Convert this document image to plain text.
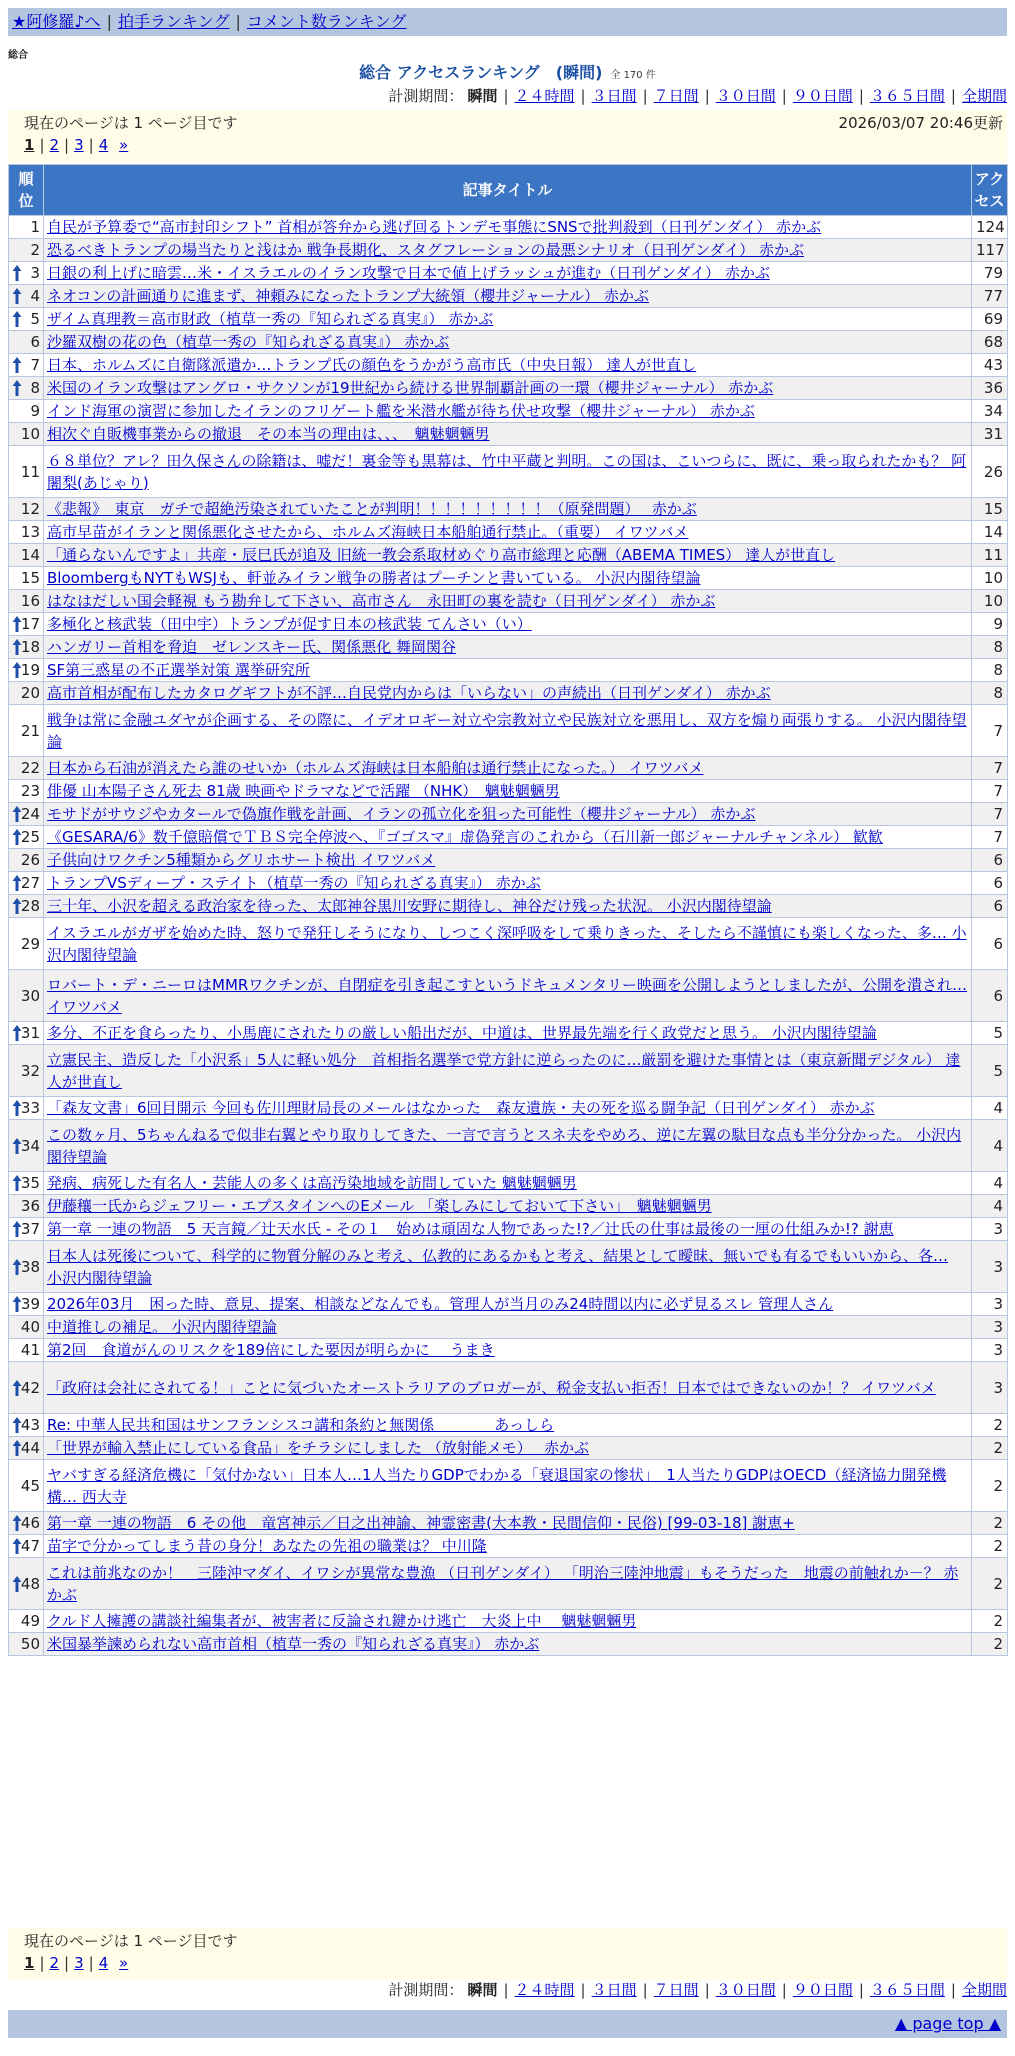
★阿修羅♪へ | 拍手ランキング | コメント数ランキング
総合
総合 アクセスランキング　(瞬間) 全 170 件
計測期間： 瞬間 | ２４時間 | ３日間 | ７日間 | ３０日間 | ９０日間 | ３６５日間 | 全期間
現在のページは 1 ページ目です	2026/03/07 20:46更新
1 | 2 | 3 | 4 »
順位	記事タイトル	アクセス
1	自民が予算委で“高市封印シフト” 首相が答弁から逃げ回るトンデモ事態にSNSで批判殺到（日刊ゲンダイ） 赤かぶ	124
2	恐るべきトランプの場当たりと浅はか 戦争長期化、スタグフレーションの最悪シナリオ（日刊ゲンダイ） 赤かぶ	117

3	日銀の利上げに暗雲…米・イスラエルのイラン攻撃で日本で値上げラッシュが進む（日刊ゲンダイ） 赤かぶ	79

4	ネオコンの計画通りに進まず、神頼みになったトランプ大統領（櫻井ジャーナル） 赤かぶ	77

5	ザイム真理教＝高市財政（植草一秀の『知られざる真実』） 赤かぶ	69
6	沙羅双樹の花の色（植草一秀の『知られざる真実』） 赤かぶ	68

7	日本、ホルムズに自衛隊派遣か…トランプ氏の顔色をうかがう高市氏（中央日報） 達人が世直し	43

8	米国のイラン攻撃はアングロ・サクソンが19世紀から続ける世界制覇計画の一環（櫻井ジャーナル） 赤かぶ	36
9	インド海軍の演習に参加したイランのフリゲート艦を米潜水艦が待ち伏せ攻撃（櫻井ジャーナル） 赤かぶ	34
10	相次ぐ自販機事業からの撤退　その本当の理由は、、、　魑魅魍魎男	31
11	６８単位？アレ？田久保さんの除籍は、嘘だ！裏金等も黒幕は、竹中平蔵と判明。この国は、こいつらに、既に、乗っ取られたかも？ 阿闍梨(あじゃり)	26
12	《悲報》　東京　ガチで超絶汚染されていたことが判明！！！！！！！！！（原発問題）　 赤かぶ	15
13	高市早苗がイランと関係悪化させたから、ホルムズ海峡日本船舶通行禁止。（重要） イワツバメ	14
14	「通らないんですよ」共産・辰巳氏が追及 旧統一教会系取材めぐり高市総理と応酬（ABEMA TIMES） 達人が世直し	11
15	BloombergもNYTもWSJも、軒並みイラン戦争の勝者はプーチンと書いている。 小沢内閣待望論	10
16	はなはだしい国会軽視 もう勘弁して下さい、高市さん　永田町の裏を読む（日刊ゲンダイ） 赤かぶ	10

17	多極化と核武装（田中宇）トランプが促す日本の核武装 てんさい（い）	9

18	ハンガリー首相を脅迫　ゼレンスキー氏、関係悪化 舞岡関谷	8

19	SF第三惑星の不正選挙対策 選挙研究所	8
20	高市首相が配布したカタログギフトが不評…自民党内からは「いらない」の声続出（日刊ゲンダイ） 赤かぶ	8
21	戦争は常に金融ユダヤが企画する、その際に、イデオロギー対立や宗教対立や民族対立を悪用し、双方を煽り両張りする。 小沢内閣待望論	7
22	日本から石油が消えたら誰のせいか（ホルムズ海峡は日本船舶は通行禁止になった。） イワツバメ	7
23	俳優 山本陽子さん死去 81歳 映画やドラマなどで活躍 （NHK）　魑魅魍魎男	7

24	モサドがサウジやカタールで偽旗作戦を計画、イランの孤立化を狙った可能性（櫻井ジャーナル） 赤かぶ	7

25	《GESARA/6》数千億賠償でＴＢＳ完全停波へ、『ゴゴスマ』虚偽発言のこれから（石川新一郎ジャーナルチャンネル） 歓歓	7
26	子供向けワクチン5種類からグリホサート検出 イワツバメ	6

27	トランプVSディープ・ステイト（植草一秀の『知られざる真実』） 赤かぶ	6

28	三十年、小沢を超える政治家を待った、太郎神谷黒川安野に期待し、神谷だけ残った状況。 小沢内閣待望論	6
29	イスラエルがガザを始めた時、怒りで発狂しそうになり、しつこく深呼吸をして乗りきった、そしたら不謹慎にも楽しくなった、多… 小沢内閣待望論	6
30	ロバート・デ・ニーロはMMRワクチンが、自閉症を引き起こすというドキュメンタリー映画を公開しようとしましたが、公開を潰され… イワツバメ	6

31	多分、不正を食らったり、小馬鹿にされたりの厳しい船出だが、中道は、世界最先端を行く政党だと思う。 小沢内閣待望論	5
32	立憲民主、造反した「小沢系」5人に軽い処分　首相指名選挙で党方針に逆らったのに…厳罰を避けた事情とは（東京新聞デジタル） 達人が世直し	5

33	「森友文書」6回目開示 今回も佐川理財局長のメールはなかった　森友遺族・夫の死を巡る闘争記（日刊ゲンダイ） 赤かぶ	4

34	この数ヶ月、5ちゃんねるで似非右翼とやり取りしてきた、一言で言うとスネ夫をやめろ、逆に左翼の駄目な点も半分分かった。 小沢内閣待望論	4

35	発病、病死した有名人・芸能人の多くは高汚染地域を訪問していた 魑魅魍魎男	4
36	伊藤穰一氏からジェフリー・エプスタインへのEメール 「楽しみにしておいて下さい」　魑魅魍魎男	4

37	第一章 一連の物語　5 天言鏡／辻天水氏 - その１　始めは頑固な人物であった!?／辻氏の仕事は最後の一厘の仕組みか!? 謝恵	3

38	日本人は死後について、科学的に物質分解のみと考え、仏教的にあるかもと考え、結果として曖昧、無いでも有るでもいいから、各… 小沢内閣待望論	3

39	2026年03月　困った時、意見、提案、相談などなんでも。管理人が当月のみ24時間以内に必ず見るスレ 管理人さん	3
40	中道推しの補足。 小沢内閣待望論	3
41	第2回　食道がんのリスクを189倍にした要因が明らかに　 うまき	3

42	「政府は会社にされてる！」ことに気づいたオーストラリアのブロガーが、税金支払い拒否！日本ではできないのか！？ イワツバメ	3

43	Re: 中華人民共和国はサンフランシスコ講和条約と無関係　　　　あっしら	2

44	「世界が輸入禁止にしている食品」をチラシにしました （放射能メモ）　 赤かぶ	2
45	ヤバすぎる経済危機に「気付かない」日本人…1人当たりGDPでわかる「衰退国家の惨状」　1人当たりGDPはOECD（経済協力開発機構… 西大寺	2

46	第一章 一連の物語　6 その他　竜宮神示／日之出神諭、神霊密書(大本教・民間信仰・民俗) [99-03-18] 謝恵+	2

47	苗字で分かってしまう昔の身分！あなたの先祖の職業は？ 中川隆	2

48	これは前兆なのか！　三陸沖マダイ、イワシが異常な豊漁 （日刊ゲンダイ） 「明治三陸沖地震」もそうだった　地震の前触れか－？ 赤かぶ	2
49	クルド人擁護の講談社編集者が、被害者に反論され鍵かけ逃亡　大炎上中　 魑魅魍魎男	2
50	米国暴挙諫められない高市首相（植草一秀の『知られざる真実』） 赤かぶ	2
現在のページは 1 ページ目です
1 | 2 | 3 | 4 »
計測期間： 瞬間 | ２４時間 | ３日間 | ７日間 | ３０日間 | ９０日間 | ３６５日間 | 全期間
▲ page top ▲
